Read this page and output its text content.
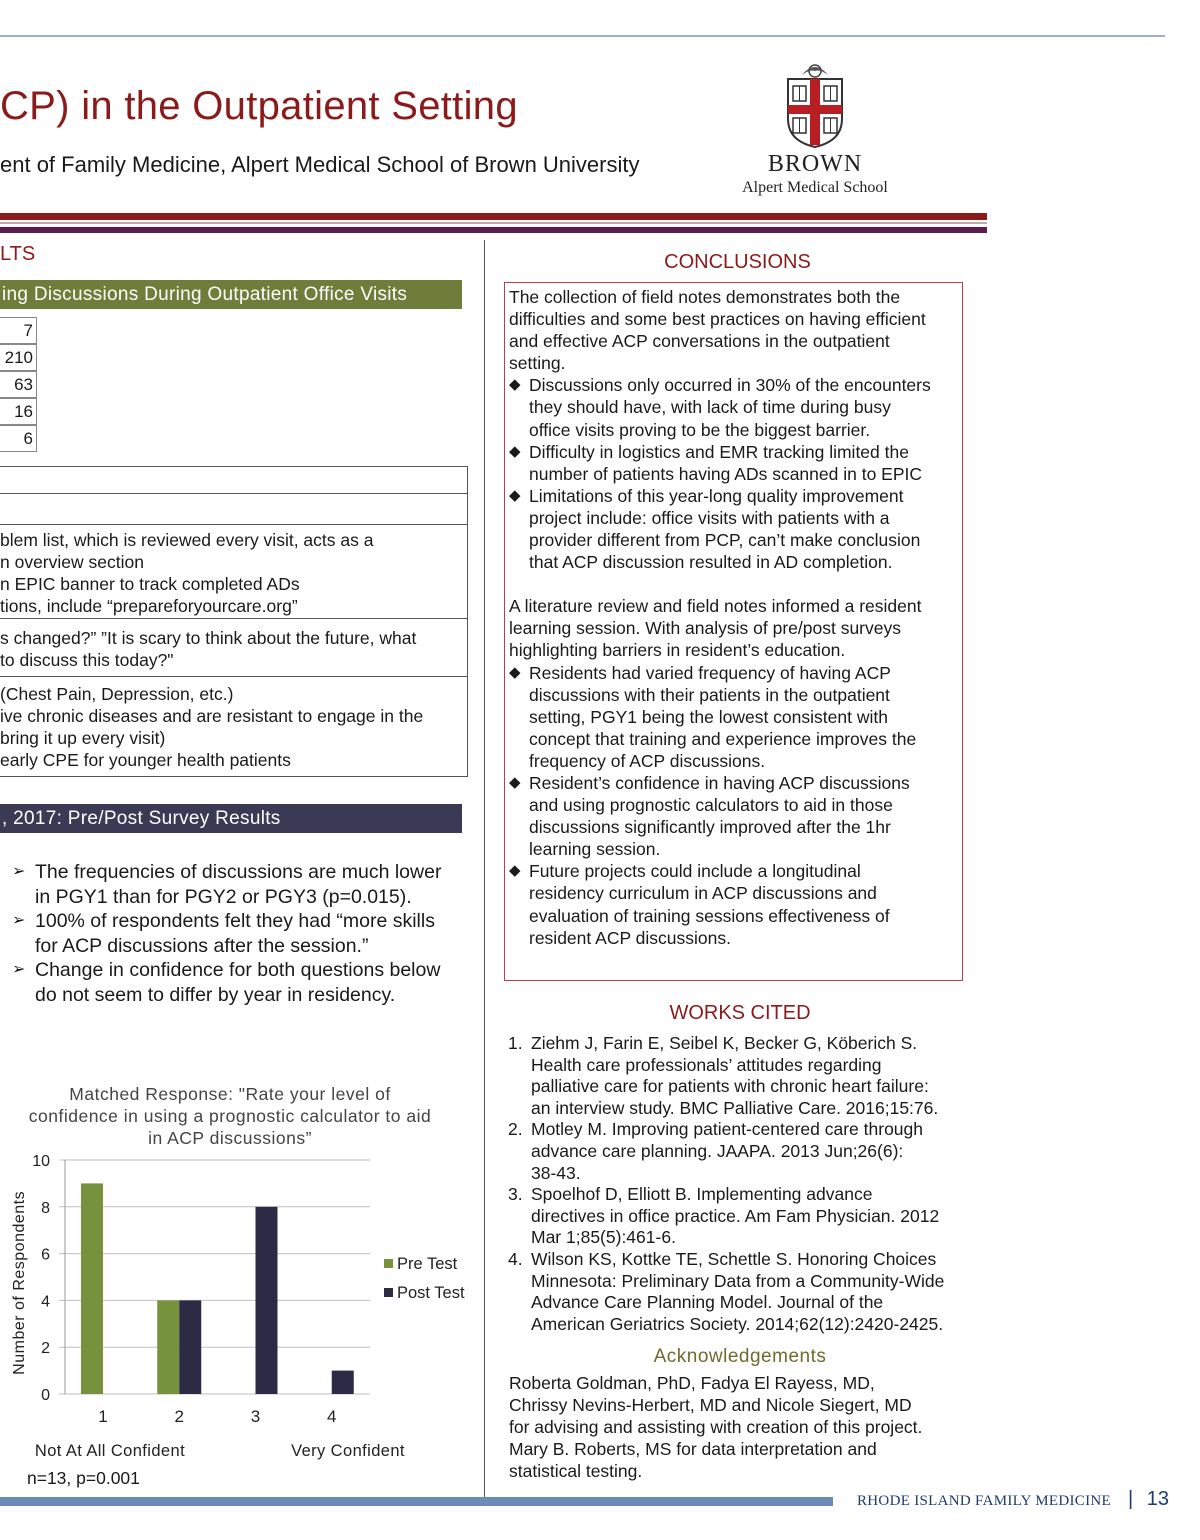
CP) in the Outpatient Setting
ent of Family Medicine, Alpert Medical School of Brown University	BROWN
Alpert Medical School
LTS
ing Discussions During Outpatient Office Visits
7
210
63
16
6
blem list, which is reviewed every visit, acts as a
n overview section
n EPIC banner to track completed ADs
tions, include “prepareforyourcare.org”
s changed?” ”It is scary to think about the future, what
to discuss this today?"
(Chest Pain, Depression, etc.)
ive chronic diseases and are resistant to engage in the
bring it up every visit)
early CPE for younger health patients
, 2017: Pre/Post Survey Results
➢ The frequencies of discussions are much lower

in PGY1 than for PGY2 or PGY3 (p=0.015).

➢ 100% of respondents felt they had “more skills

for ACP discussions after the session.”

➢ Change in confidence for both questions below

do not seem to differ by year in residency.

Matched Response: "Rate your level of
confidence in using a prognostic calculator to aid
in ACP discussions”
0
2
4
6
8
10
Number of Respondents
1	2	3	4
Pre Test
Post Test
Not At All Confident	Very Confident
n=13, p=0.001
CONCLUSIONS

The collection of field notes demonstrates both the

difficulties and some best practices on having efficient

and effective ACP conversations in the outpatient

setting.

◆ Discussions only occurred in 30% of the encounters

they should have, with lack of time during busy

office visits proving to be the biggest barrier.

◆ Difficulty in logistics and EMR tracking limited the

number of patients having ADs scanned in to EPIC

◆ Limitations of this year-long quality improvement

project include: office visits with patients with a

provider different from PCP, can’t make conclusion

that ACP discussion resulted in AD completion.

A literature review and field notes informed a resident

learning session. With analysis of pre/post surveys

highlighting barriers in resident’s education.

◆ Residents had varied frequency of having ACP

discussions with their patients in the outpatient

setting, PGY1 being the lowest consistent with

concept that training and experience improves the

frequency of ACP discussions.

◆ Resident’s confidence in having ACP discussions

and using prognostic calculators to aid in those

discussions significantly improved after the 1hr

learning session.

◆ Future projects could include a longitudinal

residency curriculum in ACP discussions and

evaluation of training sessions effectiveness of

resident ACP discussions.

WORKS CITED
1. Ziehm J, Farin E, Seibel K, Becker G, Köberich S.

Health care professionals’ attitudes regarding

palliative care for patients with chronic heart failure:

an interview study. BMC Palliative Care. 2016;15:76.

2. Motley M. Improving patient-centered care through

advance care planning. JAAPA. 2013 Jun;26(6):

38-43.

3. Spoelhof D, Elliott B. Implementing advance

directives in office practice. Am Fam Physician. 2012

Mar 1;85(5):461-6.

4. Wilson KS, Kottke TE, Schettle S. Honoring Choices

Minnesota: Preliminary Data from a Community-Wide

Advance Care Planning Model. Journal of the

American Geriatrics Society. 2014;62(12):2420-2425.

Acknowledgements

Roberta Goldman, PhD, Fadya El Rayess, MD,

Chrissy Nevins-Herbert, MD and Nicole Siegert, MD

for advising and assisting with creation of this project.

Mary B. Roberts, MS for data interpretation and

statistical testing.

RHODE ISLAND FAMILY MEDICINE | 13
